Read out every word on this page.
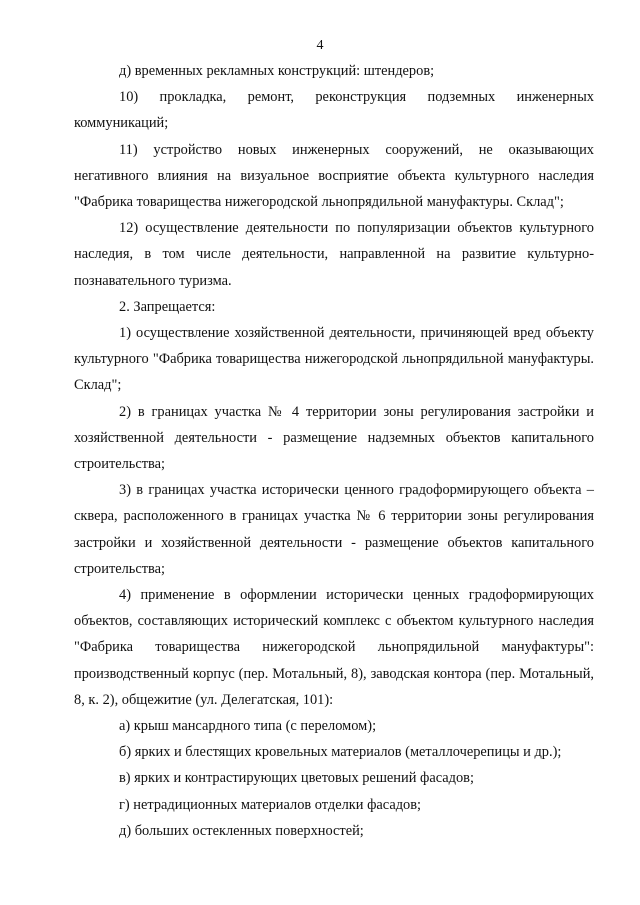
4

д) временных рекламных конструкций: штендеров;

10) прокладка, ремонт, реконструкция подземных инженерных коммуникаций;

11) устройство новых инженерных сооружений, не оказывающих негативного влияния на визуальное восприятие объекта культурного наследия "Фабрика товарищества нижегородской льнопрядильной мануфактуры. Склад";

12) осуществление деятельности по популяризации объектов культурного наследия, в том числе деятельности, направленной на развитие культурно-познавательного туризма.

2. Запрещается:

1) осуществление хозяйственной деятельности, причиняющей вред объекту культурного "Фабрика товарищества нижегородской льнопрядильной мануфактуры. Склад";

2) в границах участка № 4 территории зоны регулирования застройки и хозяйственной деятельности - размещение надземных объектов капитального строительства;

3) в границах участка исторически ценного градоформирующего объекта – сквера, расположенного в границах участка № 6 территории зоны регулирования застройки и хозяйственной деятельности - размещение объектов капитального строительства;

4) применение в оформлении исторически ценных градоформирующих объектов, составляющих исторический комплекс с объектом культурного наследия "Фабрика товарищества нижегородской льнопрядильной мануфактуры": производственный корпус (пер. Мотальный, 8), заводская контора (пер. Мотальный, 8, к. 2), общежитие (ул. Делегатская, 101):

а) крыш мансардного типа (с переломом);

б) ярких и блестящих кровельных материалов (металлочерепицы и др.);

в) ярких и контрастирующих цветовых решений фасадов;

г) нетрадиционных материалов отделки фасадов;

д) больших остекленных поверхностей;
